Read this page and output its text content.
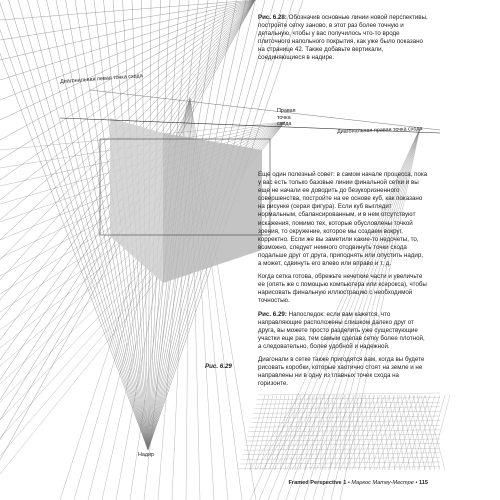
Диагональная левая точка схода
Правая
точка
схода
Диагональная правая точка схода
Надир
Рис. 6.29

Рис. 6.28: Обозначив основные линии новой перспективы, постройте сетку заново, в этот раз более точную и детальную, чтобы у вас получилось что-то вроде плиточного напольного покрытия, как уже было показано на странице 42. Также добавьте вертикали, соединяющиеся в надире.

Еще один полезный совет: в самом начале процесса, пока у вас есть только базовые линии финальной сетки и вы еще не начали ее доводить до безукоризненного совершенства, постройте на ее основе куб, как показано на рисунке (серая фигура). Если куб выглядит нормальным, сбалансированным, и в нем отсутствуют искажения, помимо тех, которые обусловлены точкой зрения, то окружение, которое мы создаем вокруг, корректно. Если же вы заметили какие-то недочеты, то, возможно, следует немного отодвинуть точки схода подальше друг от друга, приподнять или опустить надир, а может, сдвинуть его влево или вправо и т. д.

Когда сетка готова, обрежьте нечеткие части и увеличьте ее (опять же с помощью компьютера или ксерокса), чтобы нарисовать финальную иллюстрацию с необходимой точностью.

Рис. 6.29: Напоследок: если вам кажется, что направляющие расположены слишком далеко друг от друга, вы можете просто разделить уже существующие участки еще раз, тем самым сделав сетку более плотной, а следовательно, более удобной и надежной.

Диагонали в сетке также пригодятся вам, когда вы будете рисовать коробки, которые хаотично стоят на земле и не направлены ни в одну из главных точек схода на горизонте.

Framed Perspective 1 • Маркос Матеу-Местре • 115
